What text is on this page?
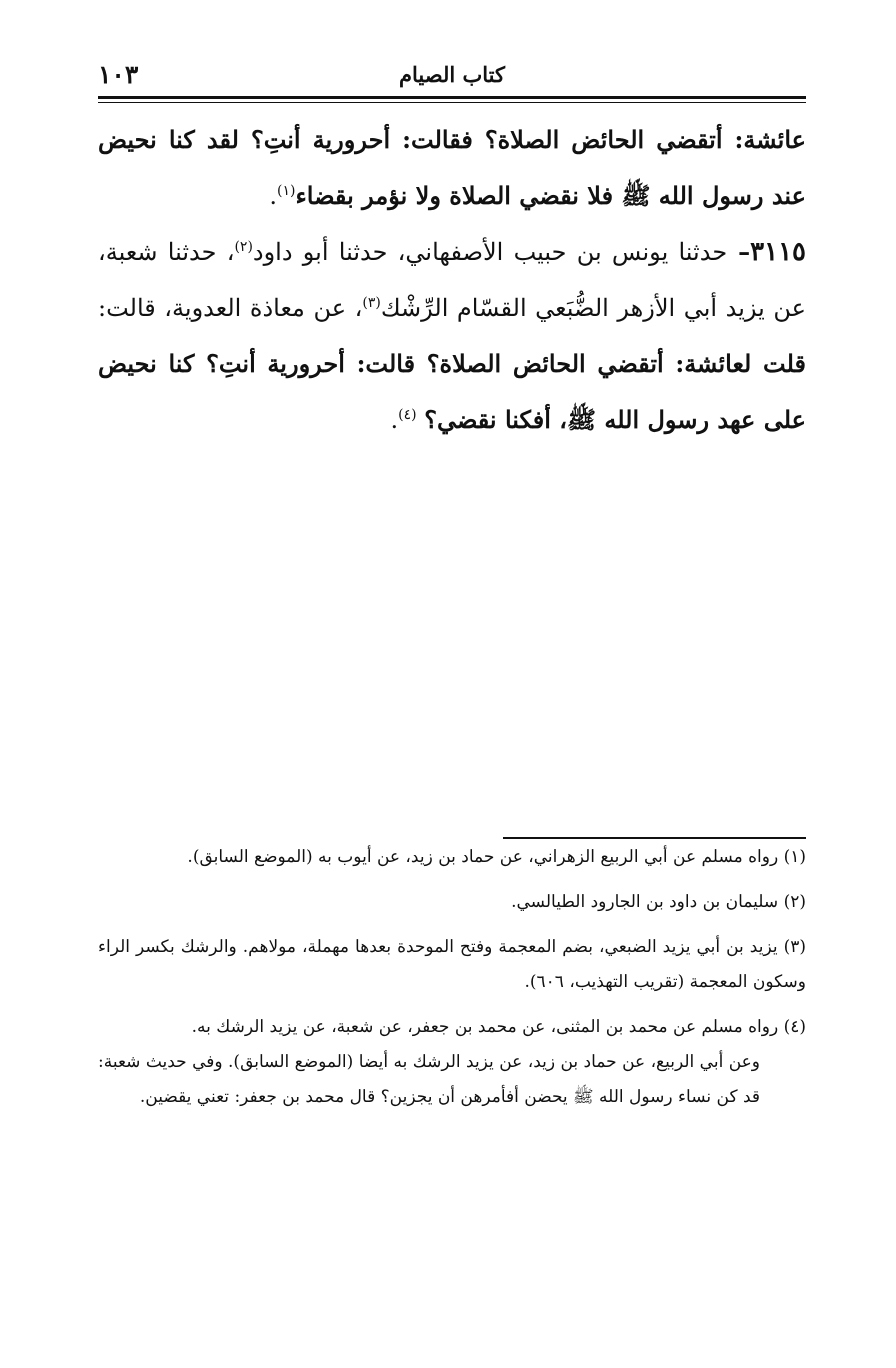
كتاب الصيام
١٠٣

عائشة: أتقضي الحائض الصلاة؟ فقالت: أحرورية أنتِ؟ لقد كنا نحيض عند رسول الله ﷺ فلا نقضي الصلاة ولا نؤمر بقضاء$^{(١)}$.

٣١١٥– حدثنا يونس بن حبيب الأصفهاني، حدثنا أبو داود$^{(٢)}$، حدثنا شعبة، عن يزيد أبي الأزهر الضُّبَعي القسّام الرِّشْك$^{(٣)}$، عن معاذة العدوية، قالت: قلت لعائشة: أتقضي الحائض الصلاة؟ قالت: أحرورية أنتِ؟ كنا نحيض على عهد رسول الله ﷺ، أفكنا نقضي؟ $^{(٤)}$.

(١) رواه مسلم عن أبي الربيع الزهراني، عن حماد بن زيد، عن أيوب به (الموضع السابق).

(٢) سليمان بن داود بن الجارود الطيالسي.

(٣) يزيد بن أبي يزيد الضبعي، بضم المعجمة وفتح الموحدة بعدها مهملة، مولاهم. والرشك بكسر الراء وسكون المعجمة (تقريب التهذيب، ٦٠٦).

(٤) رواه مسلم عن محمد بن المثنى، عن محمد بن جعفر، عن شعبة، عن يزيد الرشك به.

وعن أبي الربيع، عن حماد بن زيد، عن يزيد الرشك به أيضا (الموضع السابق). وفي حديث شعبة: قد كن نساء رسول الله ﷺ يحضن أفأمرهن أن يجزين؟ قال محمد بن جعفر: تعني يقضين.
